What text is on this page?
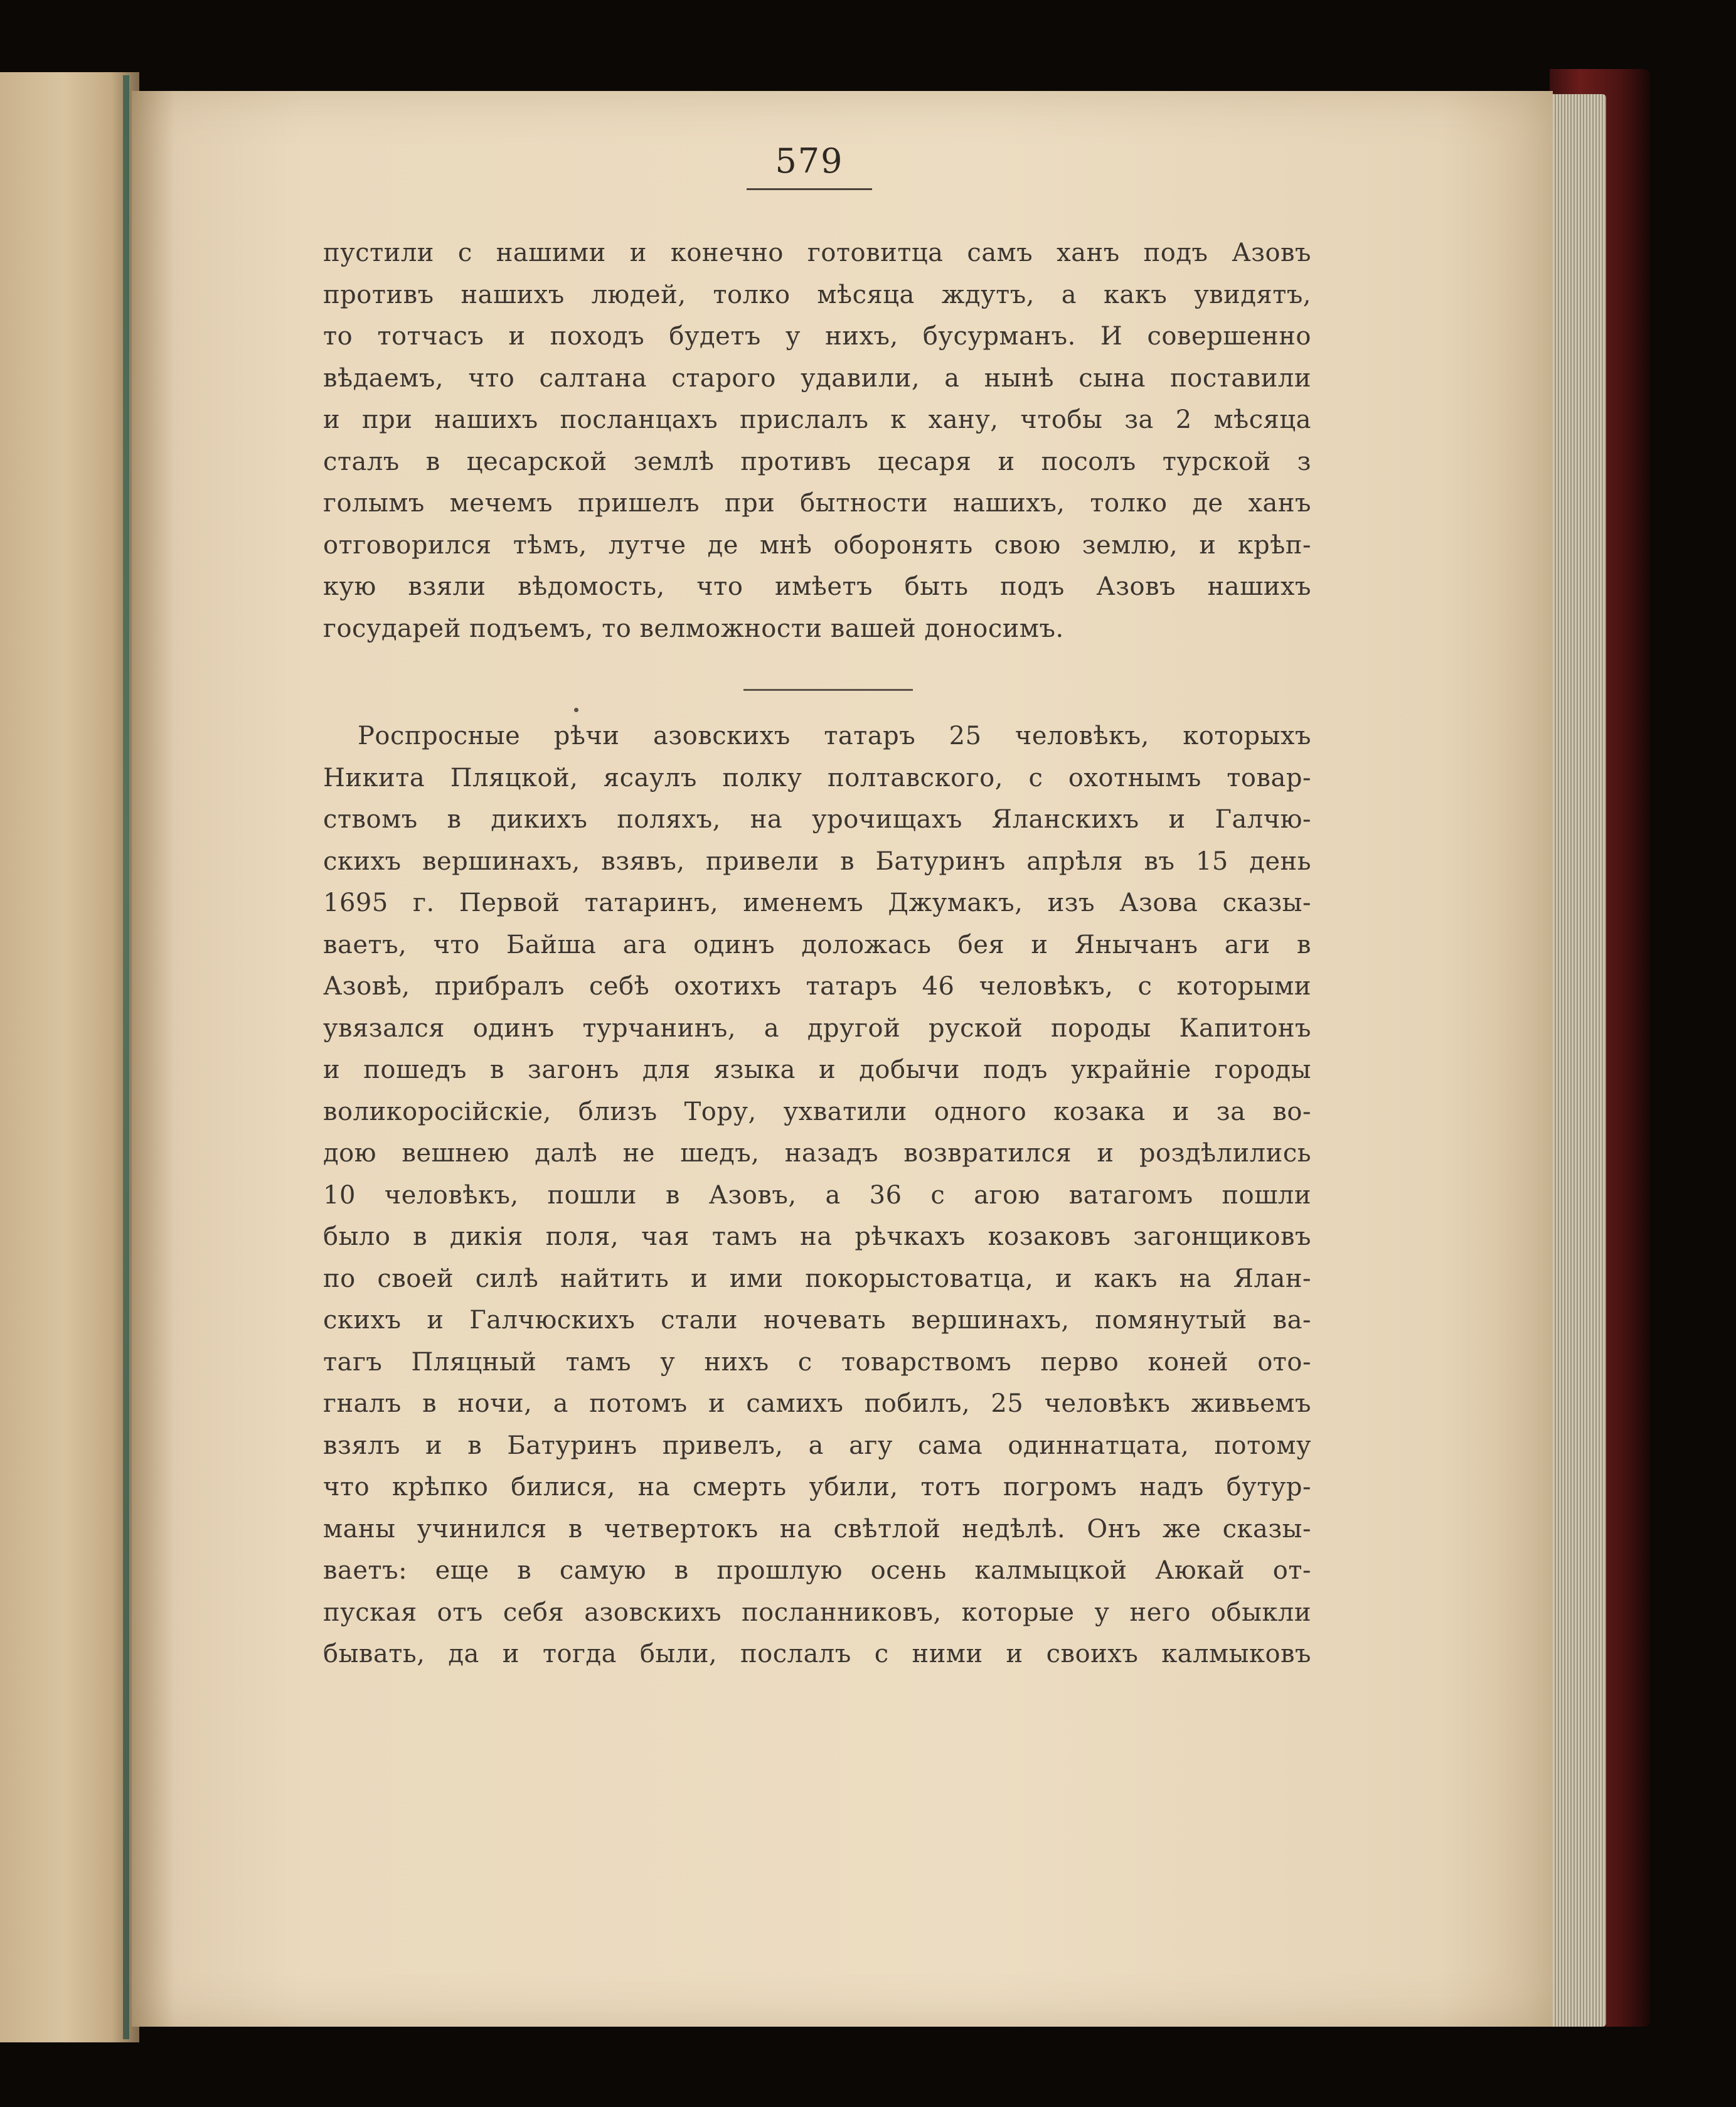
579
пустили с нашими и конечно готовитца самъ ханъ подъ Азовъ
противъ нашихъ людей, толко мѣсяца ждутъ, а какъ увидятъ,
то тотчасъ и походъ будетъ у нихъ, бусурманъ. И совершенно
вѣдаемъ, что салтана старого удавили, а нынѣ сына поставили
и при нашихъ посланцахъ прислалъ к хану, чтобы за 2 мѣсяца
сталъ в цесарской землѣ противъ цесаря и посолъ турской з
голымъ мечемъ пришелъ при бытности нашихъ, толко де ханъ
отговорился тѣмъ, лутче де мнѣ оборонять свою землю, и крѣп-
кую взяли вѣдомость, что имѣетъ быть подъ Азовъ нашихъ
государей подъемъ, то велможности вашей доносимъ.
Роспросные рѣчи азовскихъ татаръ 25 человѣкъ, которыхъ
Никита Пляцкой, ясаулъ полку полтавского, с охотнымъ товар-
ствомъ в дикихъ поляхъ, на урочищахъ Яланскихъ и Галчю-
скихъ вершинахъ, взявъ, привели в Батуринъ апрѣля въ 15 день
1695 г. Первой татаринъ, именемъ Джумакъ, изъ Азова сказы-
ваетъ, что Байша ага одинъ доложась бея и Янычанъ аги в
Азовѣ, прибралъ себѣ охотихъ татаръ 46 человѣкъ, с которыми
увязался одинъ турчанинъ, а другой руской породы Капитонъ
и пошедъ в загонъ для языка и добычи подъ украйнiе городы
воликоросiйскiе, близъ Тору, ухватили одного козака и за во-
дою вешнею далѣ не шедъ, назадъ возвратился и роздѣлились
10 человѣкъ, пошли в Азовъ, а 36 с агою ватагомъ пошли
было в дикiя поля, чая тамъ на рѣчкахъ козаковъ загонщиковъ
по своей силѣ найтить и ими покорыстоватца, и какъ на Ялан-
скихъ и Галчюскихъ стали ночевать вершинахъ, помянутый ва-
тагъ Пляцный тамъ у нихъ с товарствомъ перво коней ото-
гналъ в ночи, а потомъ и самихъ побилъ, 25 человѣкъ живьемъ
взялъ и в Батуринъ привелъ, а агу сама одиннатцата, потому
что крѣпко билися, на смерть убили, тотъ погромъ надъ бутур-
маны учинился в четвертокъ на свѣтлой недѣлѣ. Онъ же сказы-
ваетъ: еще в самую в прошлую осень калмыцкой Аюкай от-
пуская отъ себя азовскихъ посланниковъ, которые у него обыкли
бывать, да и тогда были, послалъ с ними и своихъ калмыковъ
